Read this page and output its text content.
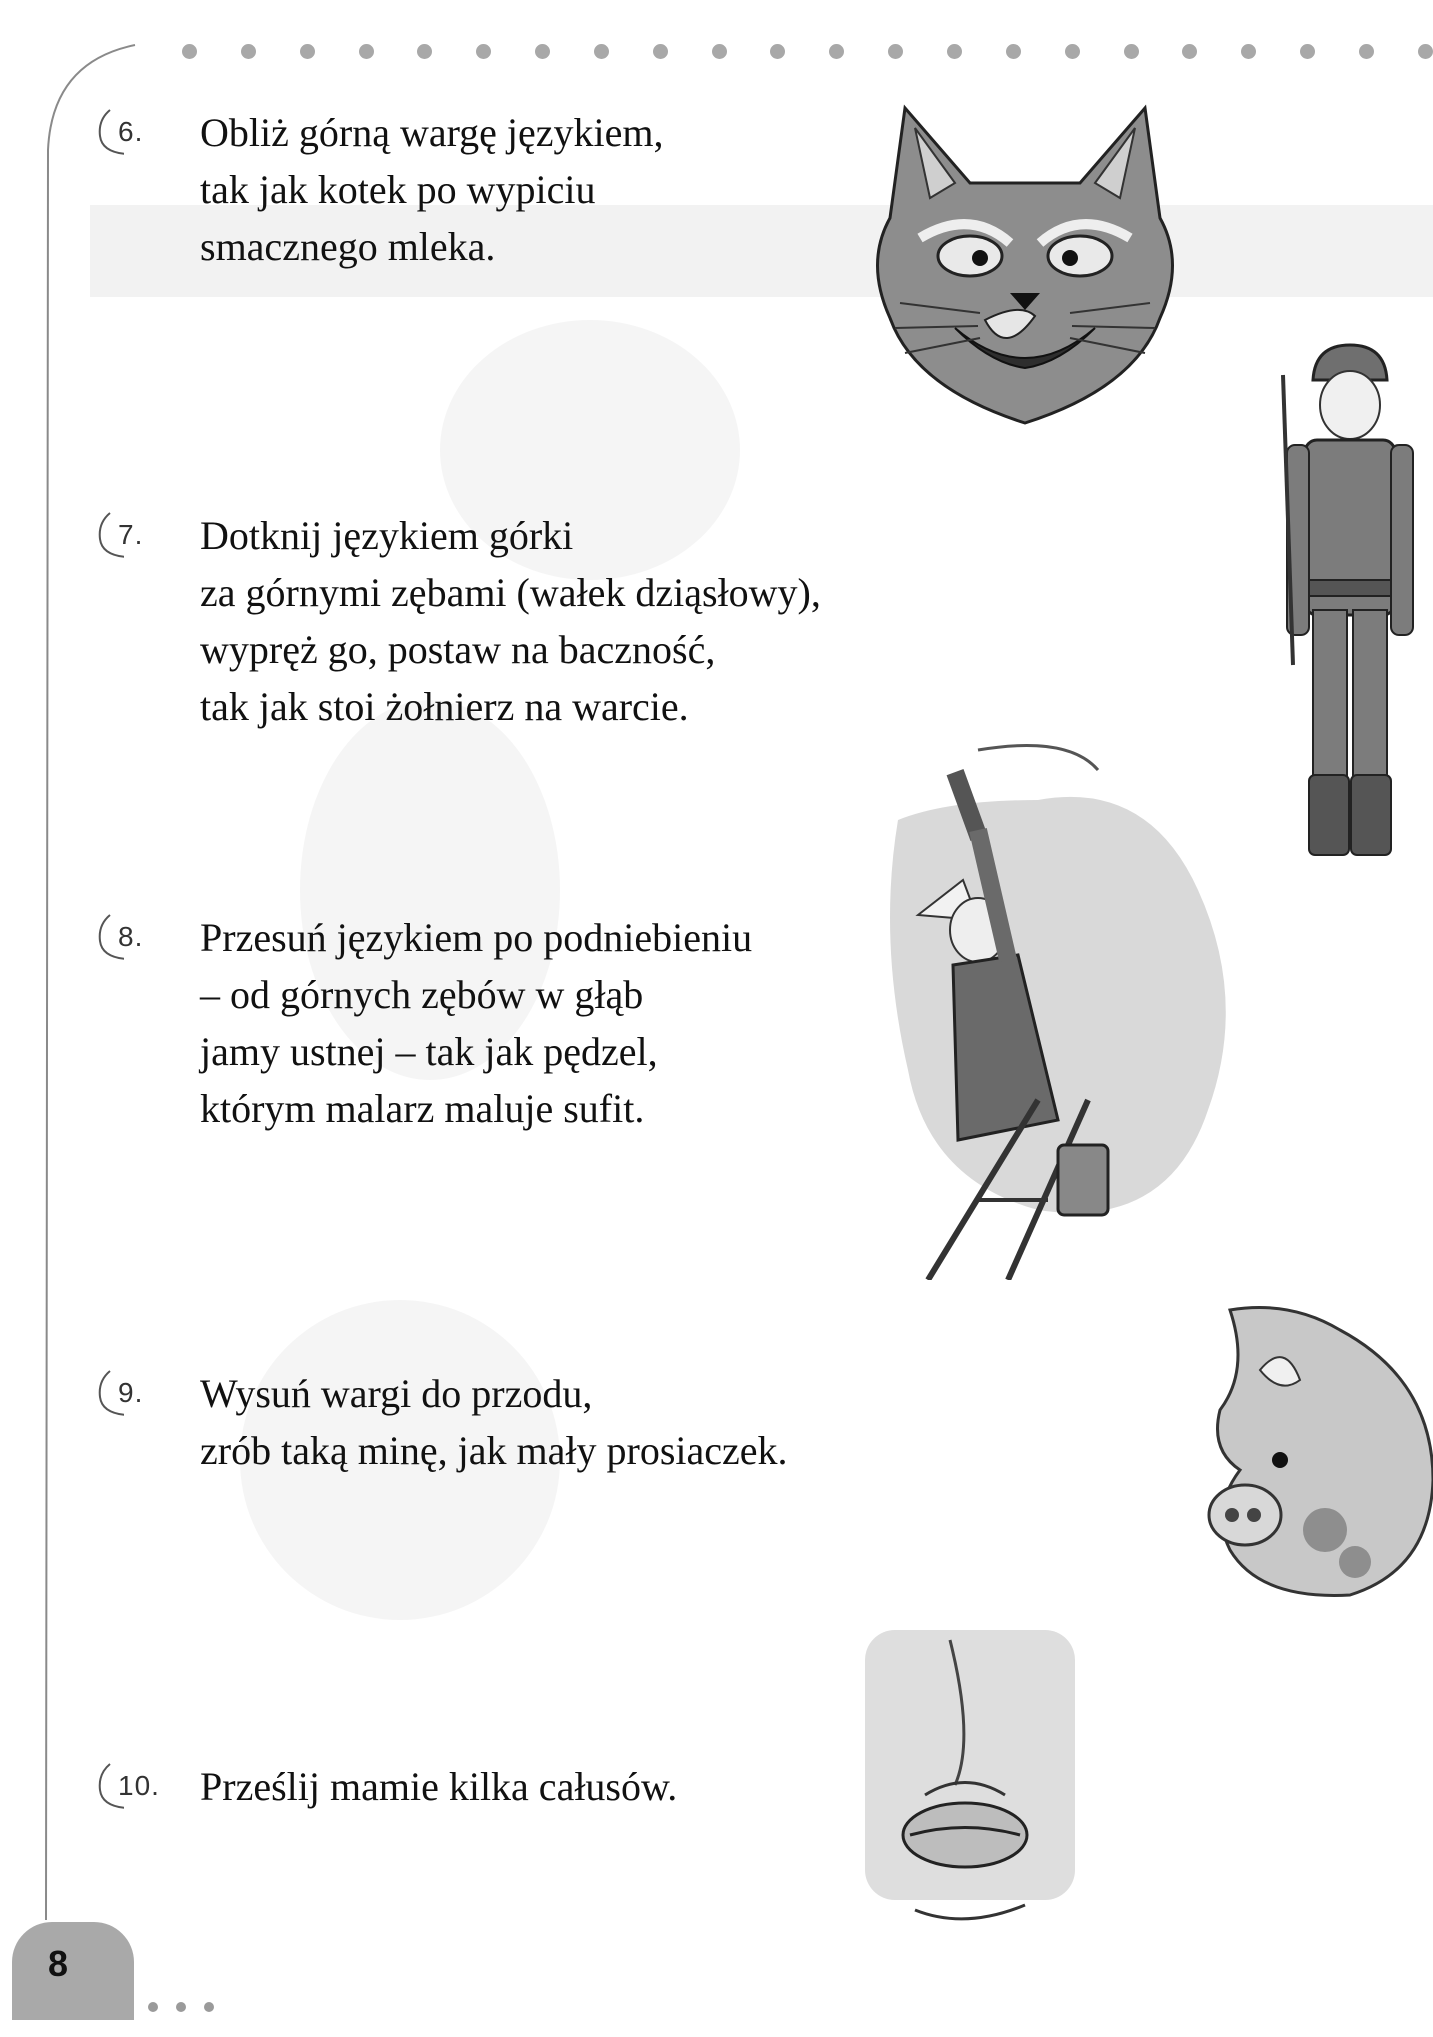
6. Obliż górną wargę językiem,
tak jak kotek po wypiciu
smacznego mleka.
7. Dotknij językiem górki
za górnymi zębami (wałek dziąsłowy),
wypręż go, postaw na baczność,
tak jak stoi żołnierz na warcie.
8. Przesuń językiem po podniebieniu
– od górnych zębów w głąb
jamy ustnej – tak jak pędzel,
którym malarz maluje sufit.
9. Wysuń wargi do przodu,
zrób taką minę, jak mały prosiaczek.
10. Prześlij mamie kilka całusów.
8
